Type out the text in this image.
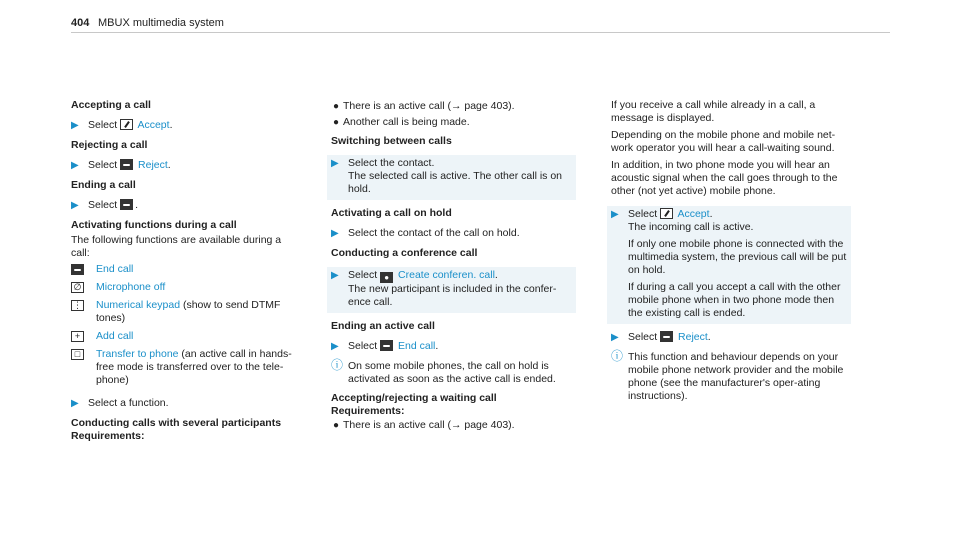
404 MBUX multimedia system

Accepting a call

▶ Select Accept.

Rejecting a call

▶ Select Reject.

Ending a call

▶ Select .

Activating functions during a call

The following functions are available during a call:

End call
∅ Microphone off
⋮ Numerical keypad (show to send DTMF tones)
+	Add call
□	Transfer to phone (an active call in hands-free mode is transferred over to the tele-phone)
▶ Select a function.

Conducting calls with several participants

Requirements:

● There is an active call (→ page 403).
● Another call is being made.

Switching between calls

▶ Select the contact.
The selected call is active. The other call is on hold.

Activating a call on hold

▶ Select the contact of the call on hold.

Conducting a conference call

▶ Select ● Create conferen. call.
The new participant is included in the confer-ence call.

Ending an active call

▶ Select End call.
ⓘ On some mobile phones, the call on hold is activated as soon as the active call is ended.

Accepting/rejecting a waiting call

Requirements:

● There is an active call (→ page 403).

If you receive a call while already in a call, a message is displayed.

Depending on the mobile phone and mobile net-work operator you will hear a call-waiting sound.

In addition, in two phone mode you will hear an acoustic signal when the call goes through to the other (not yet active) mobile phone.

▶ Select Accept.
The incoming call is active.
If only one mobile phone is connected with the multimedia system, the previous call will be put on hold.
If during a call you accept a call with the other mobile phone when in two phone mode then the existing call is ended.
▶ Select Reject.
ⓘ This function and behaviour depends on your mobile phone network provider and the mobile phone (see the manufacturer's oper-ating instructions).
